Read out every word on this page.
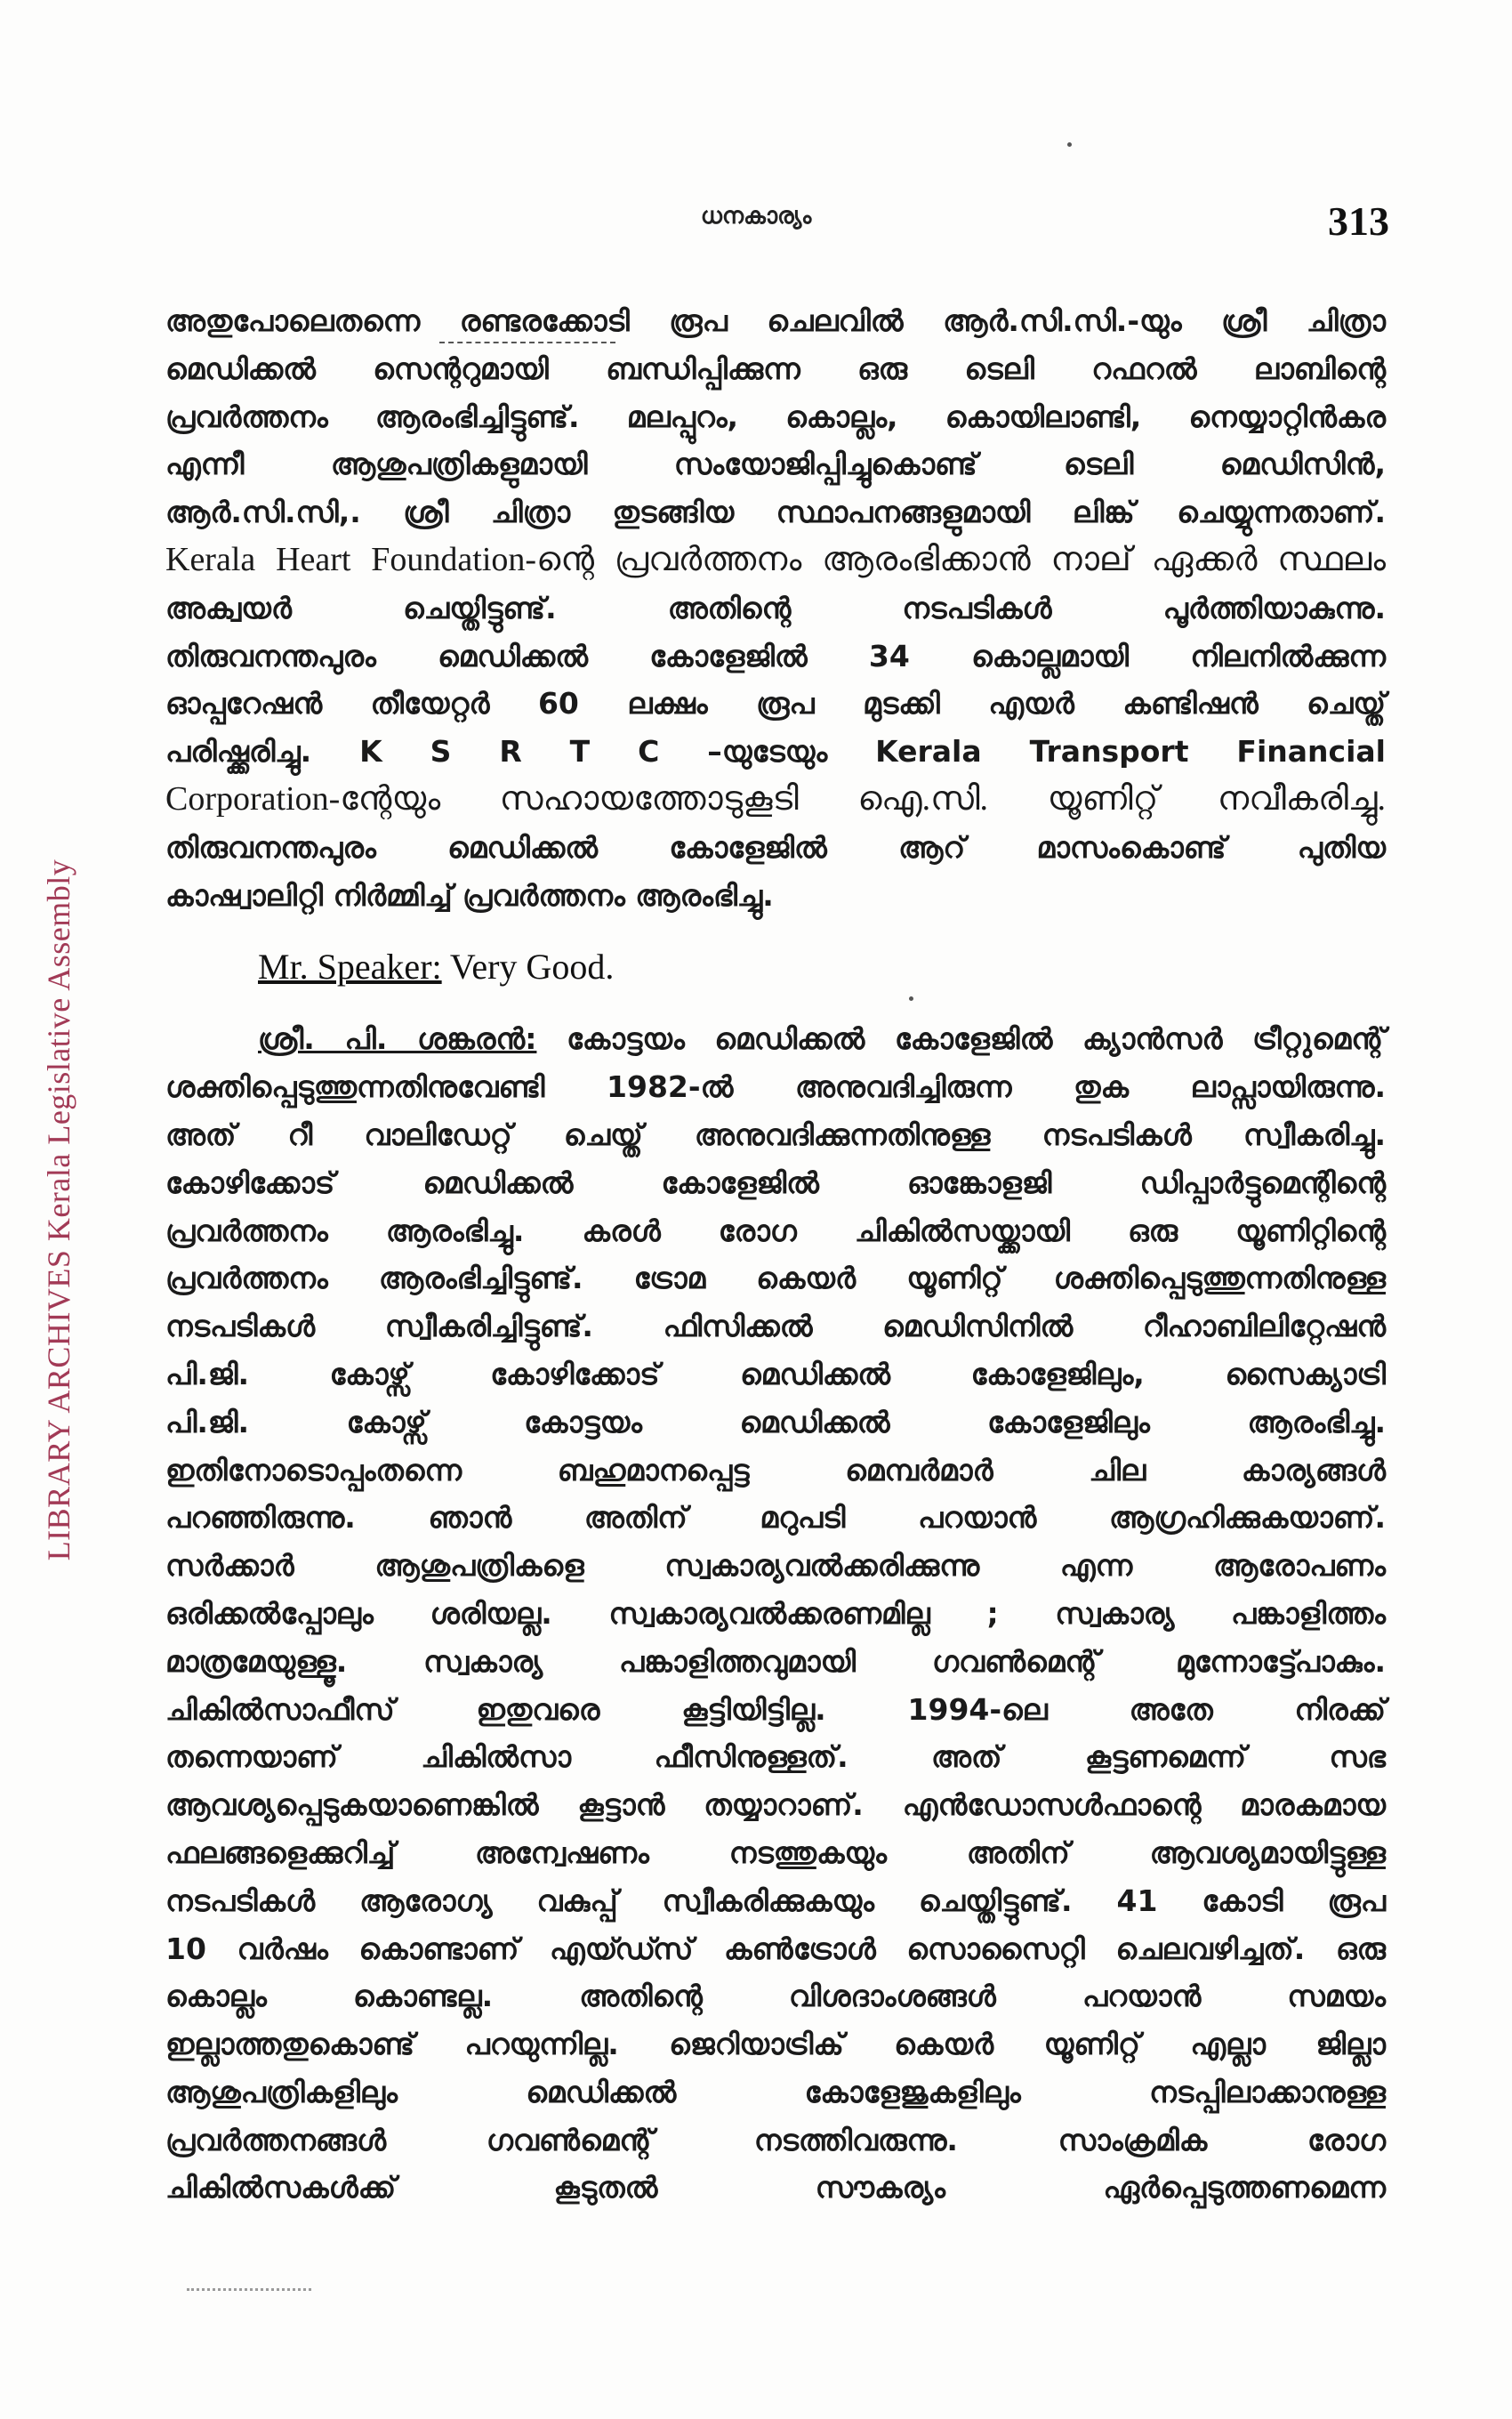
LIBRARY ARCHIVES Kerala Legislative Assembly
ധനകാര്യം	313
അതുപോലെതന്നെ രണ്ടരക്കോടി രൂപ ചെലവിൽ ആർ.സി.സി.-യും ശ്രീ ചിത്രാ
മെഡിക്കൽ സെന്ററുമായി ബന്ധിപ്പിക്കുന്ന ഒരു ടെലി റഫറൽ ലാബിന്റെ
പ്രവർത്തനം ആരംഭിച്ചിട്ടുണ്ട്. മലപ്പുറം, കൊല്ലം, കൊയിലാണ്ടി, നെയ്യാറ്റിൻകര
എന്നീ ആശുപത്രികളുമായി സംയോജിപ്പിച്ചുകൊണ്ട് ടെലി മെഡിസിൻ,
ആർ.സി.സി,. ശ്രീ ചിത്രാ തുടങ്ങിയ സ്ഥാപനങ്ങളുമായി ലിങ്ക് ചെയ്യുന്നതാണ്.
Kerala Heart Foundation-ന്റെ പ്രവർത്തനം ആരംഭിക്കാൻ നാല് ഏക്കർ സ്ഥലം
അക്വയർ ചെയ്തിട്ടുണ്ട്. അതിന്റെ നടപടികൾ പൂർത്തിയാകുന്നു.
തിരുവനന്തപുരം മെഡിക്കൽ കോളേജിൽ 34 കൊല്ലമായി നിലനിൽക്കുന്ന
ഓപ്പറേഷൻ തീയേറ്റർ 60 ലക്ഷം രൂപ മുടക്കി എയർ കണ്ടിഷൻ ചെയ്ത്
പരിഷ്ക്കരിച്ചു. K S R T C –യുടേയും Kerala Transport Financial
Corporation-ന്റേയും സഹായത്തോടുകൂടി ഐ.സി. യൂണിറ്റ് നവീകരിച്ചു.
തിരുവനന്തപുരം മെഡിക്കൽ കോളേജിൽ ആറ് മാസംകൊണ്ട് പുതിയ
കാഷ്വാലിറ്റി നിർമ്മിച്ച് പ്രവർത്തനം ആരംഭിച്ചു.
Mr. Speaker: Very Good.
ശ്രീ. പി. ശങ്കരൻ: കോട്ടയം മെഡിക്കൽ കോളേജിൽ ക്യാൻസർ ട്രീറ്റുമെന്റ്
ശക്തിപ്പെടുത്തുന്നതിനുവേണ്ടി 1982-ൽ അനുവദിച്ചിരുന്ന തുക ലാപ്സായിരുന്നു.
അത് റീ വാലിഡേറ്റ് ചെയ്ത് അനുവദിക്കുന്നതിനുള്ള നടപടികൾ സ്വീകരിച്ചു.
കോഴിക്കോട് മെഡിക്കൽ കോളേജിൽ ഓങ്കോളജി ഡിപ്പാർട്ടുമെന്റിന്റെ
പ്രവർത്തനം ആരംഭിച്ചു. കരൾ രോഗ ചികിൽസയ്ക്കായി ഒരു യൂണിറ്റിന്റെ
പ്രവർത്തനം ആരംഭിച്ചിട്ടുണ്ട്. ട്രോമ കെയർ യൂണിറ്റ് ശക്തിപ്പെടുത്തുന്നതിനുള്ള
നടപടികൾ സ്വീകരിച്ചിട്ടുണ്ട്. ഫിസിക്കൽ മെഡിസിനിൽ റീഹാബിലിറ്റേഷൻ
പി.ജി. കോഴ്സ് കോഴിക്കോട് മെഡിക്കൽ കോളേജിലും, സൈക്യാട്രി
പി.ജി. കോഴ്സ് കോട്ടയം മെഡിക്കൽ കോളേജിലും ആരംഭിച്ചു.
ഇതിനോടൊപ്പംതന്നെ ബഹുമാനപ്പെട്ട മെമ്പർമാർ ചില കാര്യങ്ങൾ
പറഞ്ഞിരുന്നു. ഞാൻ അതിന് മറുപടി പറയാൻ ആഗ്രഹിക്കുകയാണ്.
സർക്കാർ ആശുപത്രികളെ സ്വകാര്യവൽക്കരിക്കുന്നു എന്ന ആരോപണം
ഒരിക്കൽപ്പോലും ശരിയല്ല. സ്വകാര്യവൽക്കരണമില്ല ; സ്വകാര്യ പങ്കാളിത്തം
മാത്രമേയുള്ളൂ. സ്വകാര്യ പങ്കാളിത്തവുമായി ഗവൺമെന്റ് മുന്നോട്ട്പോകും.
ചികിൽസാഫീസ് ഇതുവരെ കൂട്ടിയിട്ടില്ല. 1994-ലെ അതേ നിരക്ക്
തന്നെയാണ് ചികിൽസാ ഫീസിനുള്ളത്. അത് കൂട്ടണമെന്ന് സഭ
ആവശ്യപ്പെടുകയാണെങ്കിൽ കൂട്ടാൻ തയ്യാറാണ്. എൻഡോസൾഫാന്റെ മാരകമായ
ഫലങ്ങളെക്കുറിച്ച് അന്വേഷണം നടത്തുകയും അതിന് ആവശ്യമായിട്ടുള്ള
നടപടികൾ ആരോഗ്യ വകുപ്പ് സ്വീകരിക്കുകയും ചെയ്തിട്ടുണ്ട്. 41 കോടി രൂപ
10 വർഷം കൊണ്ടാണ് എയ്ഡ്സ് കൺട്രോൾ സൊസൈറ്റി ചെലവഴിച്ചത്. ഒരു
കൊല്ലം കൊണ്ടല്ല. അതിന്റെ വിശദാംശങ്ങൾ പറയാൻ സമയം
ഇല്ലാത്തതുകൊണ്ട് പറയുന്നില്ല. ജെറിയാട്രിക് കെയർ യൂണിറ്റ് എല്ലാ ജില്ലാ
ആശുപത്രികളിലും മെഡിക്കൽ കോളേജുകളിലും നടപ്പിലാക്കാനുള്ള
പ്രവർത്തനങ്ങൾ ഗവൺമെന്റ് നടത്തിവരുന്നു. സാംക്രമിക രോഗ
ചികിൽസകൾക്ക് കൂടുതൽ സൗകര്യം ഏർപ്പെടുത്തണമെന്ന
